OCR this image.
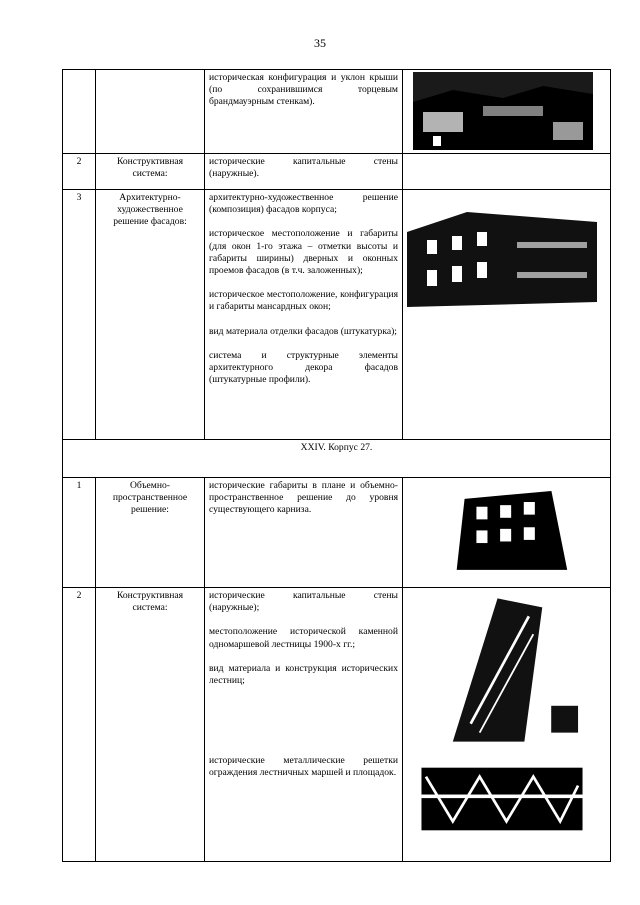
35

		историческая конфигурация и уклон крыши (по сохранившимся торцевым брандмауэрным стенкам).

2	Конструктивная система:	исторические капитальные стены (наружные).	

3	Архитектурно-художественное решение фасадов:	архитектурно-художественное решение (композиция) фасадов корпуса;

историческое местоположение и габариты (для окон 1-го этажа – отметки высоты и габариты ширины) дверных и оконных проемов фасадов (в т.ч. заложенных);

историческое местоположение, конфигурация и габариты мансардных окон;

вид материала отделки фасадов (штукатурка);

система и структурные элементы архитектурного декора фасадов (штукатурные профили).

XXIV. Корпус 27.			
1	Объемно-пространственное решение:	исторические габариты в плане и объемно-пространственное решение до уровня существующего карниза.

2	Конструктивная система:	исторические капитальные стены (наружные);

местоположение исторической каменной одномаршевой лестницы 1900-х гг.;

вид материала и конструкция исторических лестниц;

исторические металлические решетки ограждения лестничных маршей и площадок.
